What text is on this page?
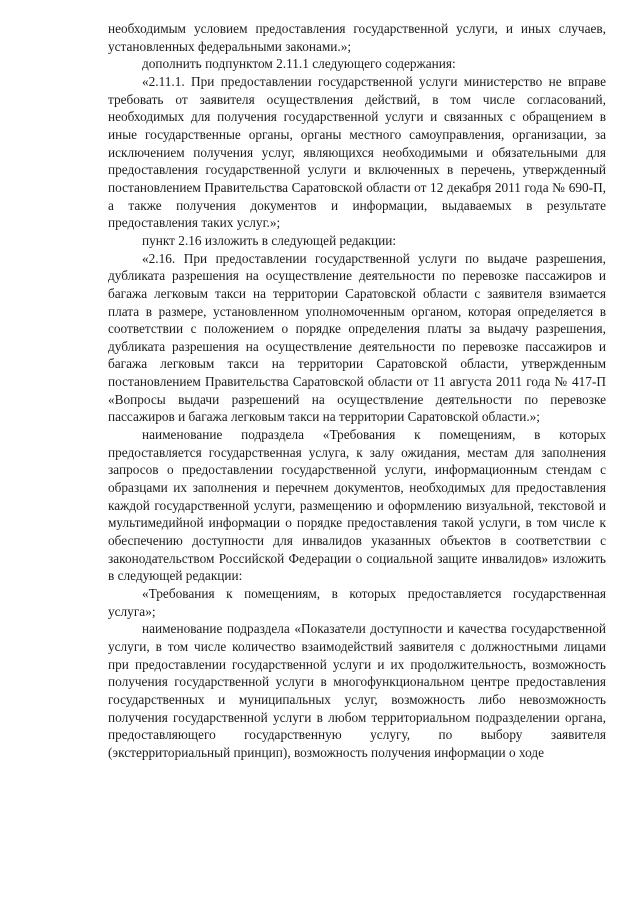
необходимым условием предоставления государственной услуги, и иных случаев, установленных федеральными законами.»;

дополнить подпунктом 2.11.1 следующего содержания:

«2.11.1. При предоставлении государственной услуги министерство не вправе требовать от заявителя осуществления действий, в том числе согласований, необходимых для получения государственной услуги и связанных с обращением в иные государственные органы, органы местного самоуправления, организации, за исключением получения услуг, являющихся необходимыми и обязательными для предоставления государственной услуги и включенных в перечень, утвержденный постановлением Правительства Саратовской области от 12 декабря 2011 года № 690-П, а также получения документов и информации, выдаваемых в результате предоставления таких услуг.»;

пункт 2.16 изложить в следующей редакции:

«2.16. При предоставлении государственной услуги по выдаче разрешения, дубликата разрешения на осуществление деятельности по перевозке пассажиров и багажа легковым такси на территории Саратовской области с заявителя взимается плата в размере, установленном уполномоченным органом, которая определяется в соответствии с положением о порядке определения платы за выдачу разрешения, дубликата разрешения на осуществление деятельности по перевозке пассажиров и багажа легковым такси на территории Саратовской области, утвержденным постановлением Правительства Саратовской области от 11 августа 2011 года № 417-П «Вопросы выдачи разрешений на осуществление деятельности по перевозке пассажиров и багажа легковым такси на территории Саратовской области.»;

наименование подраздела «Требования к помещениям, в которых предоставляется государственная услуга, к залу ожидания, местам для заполнения запросов о предоставлении государственной услуги, информационным стендам с образцами их заполнения и перечнем документов, необходимых для предоставления каждой государственной услуги, размещению и оформлению визуальной, текстовой и мультимедийной информации о порядке предоставления такой услуги, в том числе к обеспечению доступности для инвалидов указанных объектов в соответствии с законодательством Российской Федерации о социальной защите инвалидов» изложить в следующей редакции:

«Требования к помещениям, в которых предоставляется государственная услуга»;

наименование подраздела «Показатели доступности и качества государственной услуги, в том числе количество взаимодействий заявителя с должностными лицами при предоставлении государственной услуги и их продолжительность, возможность получения государственной услуги в многофункциональном центре предоставления государственных и муниципальных услуг, возможность либо невозможность получения государственной услуги в любом территориальном подразделении органа, предоставляющего государственную услугу, по выбору заявителя (экстерриториальный принцип), возможность получения информации о ходе
